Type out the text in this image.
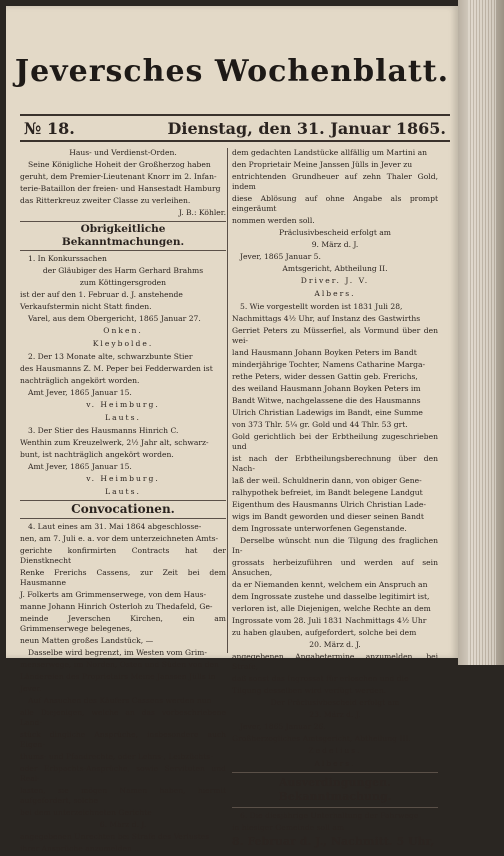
Jeversches Wochenblatt.
№ 18.	Dienstag, den 31. Januar 1865.

Haus- und Verdienst-Orden.

Seine Königliche Hoheit der Großherzog haben

geruht, dem Premier-Lieutenant Knorr im 2. Infan-

terie-Bataillon der freien- und Hansestadt Hamburg

das Ritterkreuz zweiter Classe zu verleihen.

J. B.: Köhler.

Obrigkeitliche Bekanntmachungen.

1. In Konkurssachen

der Gläubiger des Harm Gerhard Brahms

zum Köttingersgroden

ist der auf den 1. Februar d. J. anstehende

Verkaufstermin nicht Statt finden.

Varel, aus dem Obergericht, 1865 Januar 27.

Onken.

Kleybolde.

2. Der 13 Monate alte, schwarzbunte Stier

des Hausmanns Z. M. Peper bei Fedderwarden ist

nachträglich angekört worden.

Amt Jever, 1865 Januar 15.

v. Heimburg.

Lauts.

3. Der Stier des Hausmanns Hinrich C.

Wenthin zum Kreuzelwerk, 2½ Jahr alt, schwarz-

bunt, ist nachträglich angekört worden.

Amt Jever, 1865 Januar 15.

v. Heimburg.

Lauts.

Convocationen.

4. Laut eines am 31. Mai 1864 abgeschlosse-

nen, am 7. Juli e. a. vor dem unterzeichneten Amts-

gerichte konfirmirten Contracts hat der Dienstknecht

Renke Frerichs Cassens, zur Zeit bei dem Hausmanne

J. Folkerts am Grimmenserwege, von dem Haus-

manne Johann Hinrich Osterloh zu Thedafeld, Ge-

meinde Jeverschen Kirchen, ein am Grimmenserwege belegenes,

neun Matten großes Landstück, —

Dasselbe wird begrenzt, im Westen vom Grim-

menserwege, im Norden, Osten und Süden von den

Ländereien des Proprietairs Meine Janssen Jülls in

Jever.

Auf Ansuchen des Käufers Cassens werden nun

alle Diejenigen, welche an das vorbeschriebene Land-

stück dingliche Ansprüche, insbesondere auch Eigen-

thums- und Pfandrechte, oder Lehns-, Leibzüchts-

oder Erbpachts-Ansprüche, sowie Servituten und Real-

lasten, sie mögen Namen haben, hiermit aufgefordert, solche

bei dem unterzeichneten Gerichte

6. März d. J.

angegebenen Unrechten bei Strafe des Verlustes

ihrer Ansprüche anzumelden ...

dem gedachten Landstücke allfällig um Martini an

den Proprietair Meine Janssen Jülls in Jever zu

entrichtenden Grundheuer auf zehn Thaler Gold, indem

diese Ablösung auf ohne Angabe als prompt eingeräumt

nommen werden soll.

Präclusivbescheid erfolgt am

9. März d. J.

Jever, 1865 Januar 5.

Amtsgericht, Abtheilung II.

Driver. J. V.

Albers.

5. Wie vorgestellt worden ist 1831 Juli 28,

Nachmittags 4½ Uhr, auf Instanz des Gastwirths

Gerriet Peters zu Müsserfiel, als Vormund über den wei-

land Hausmann Johann Boyken Peters im Bandt

minderjährige Tochter, Namens Catharine Marga-

rethe Peters, wider dessen Gattin geb. Frerichs,

des weiland Hausmann Johann Boyken Peters im

Bandt Witwe, nachgelassene die des Hausmanns

Ulrich Christian Ladewigs im Bandt, eine Summe

von 373 Thlr. 5¼ gr. Gold und 44 Thlr. 53 grt.

Gold gerichtlich bei der Erbtheilung zugeschrieben und

ist nach der Erbtheilungsberechnung über den Nach-

laß der weil. Schuldnerin dann, von obiger Gene-

ralhypothek befreiet, im Bandt belegene Landgut

Eigenthum des Hausmanns Ulrich Christian Lade-

wigs im Bandt geworden und dieser seinen Bandt

dem Ingrossate unterworfenen Gegenstande.

Derselbe wünscht nun die Tilgung des fraglichen In-

grossats herbeizuführen und werden auf sein Ansuchen,

da er Niemanden kennt, welchem ein Anspruch an

dem Ingrossate zustehe und dasselbe legitimirt ist,

verloren ist, alle Diejenigen, welche Rechte an dem

Ingrossate vom 28. Juli 1831 Nachmittags 4½ Uhr

zu haben glauben, aufgefordert, solche bei dem

20. März d. J.

angegebenen Angabetermine anzumelden, bei Strafe,

daß sonst das Ingrossat für erloschen und die

Tilgung desselben wird verfügt werden.

Der Präclusivbescheid erfolgt am

23. März d. J.

Jever, 1865 Januar 26.

Großherzogliches Amtsgericht, Abtheilung III.

Zedelius.

Albers.

Ausverdingungen.
Bekanntmachung.

6. Die diesjährige Unterhaltung der Fahrwege

in hiesiger Gemeinde soll am

8. Februar d. J., Nachmitt. 5 Uhr,
